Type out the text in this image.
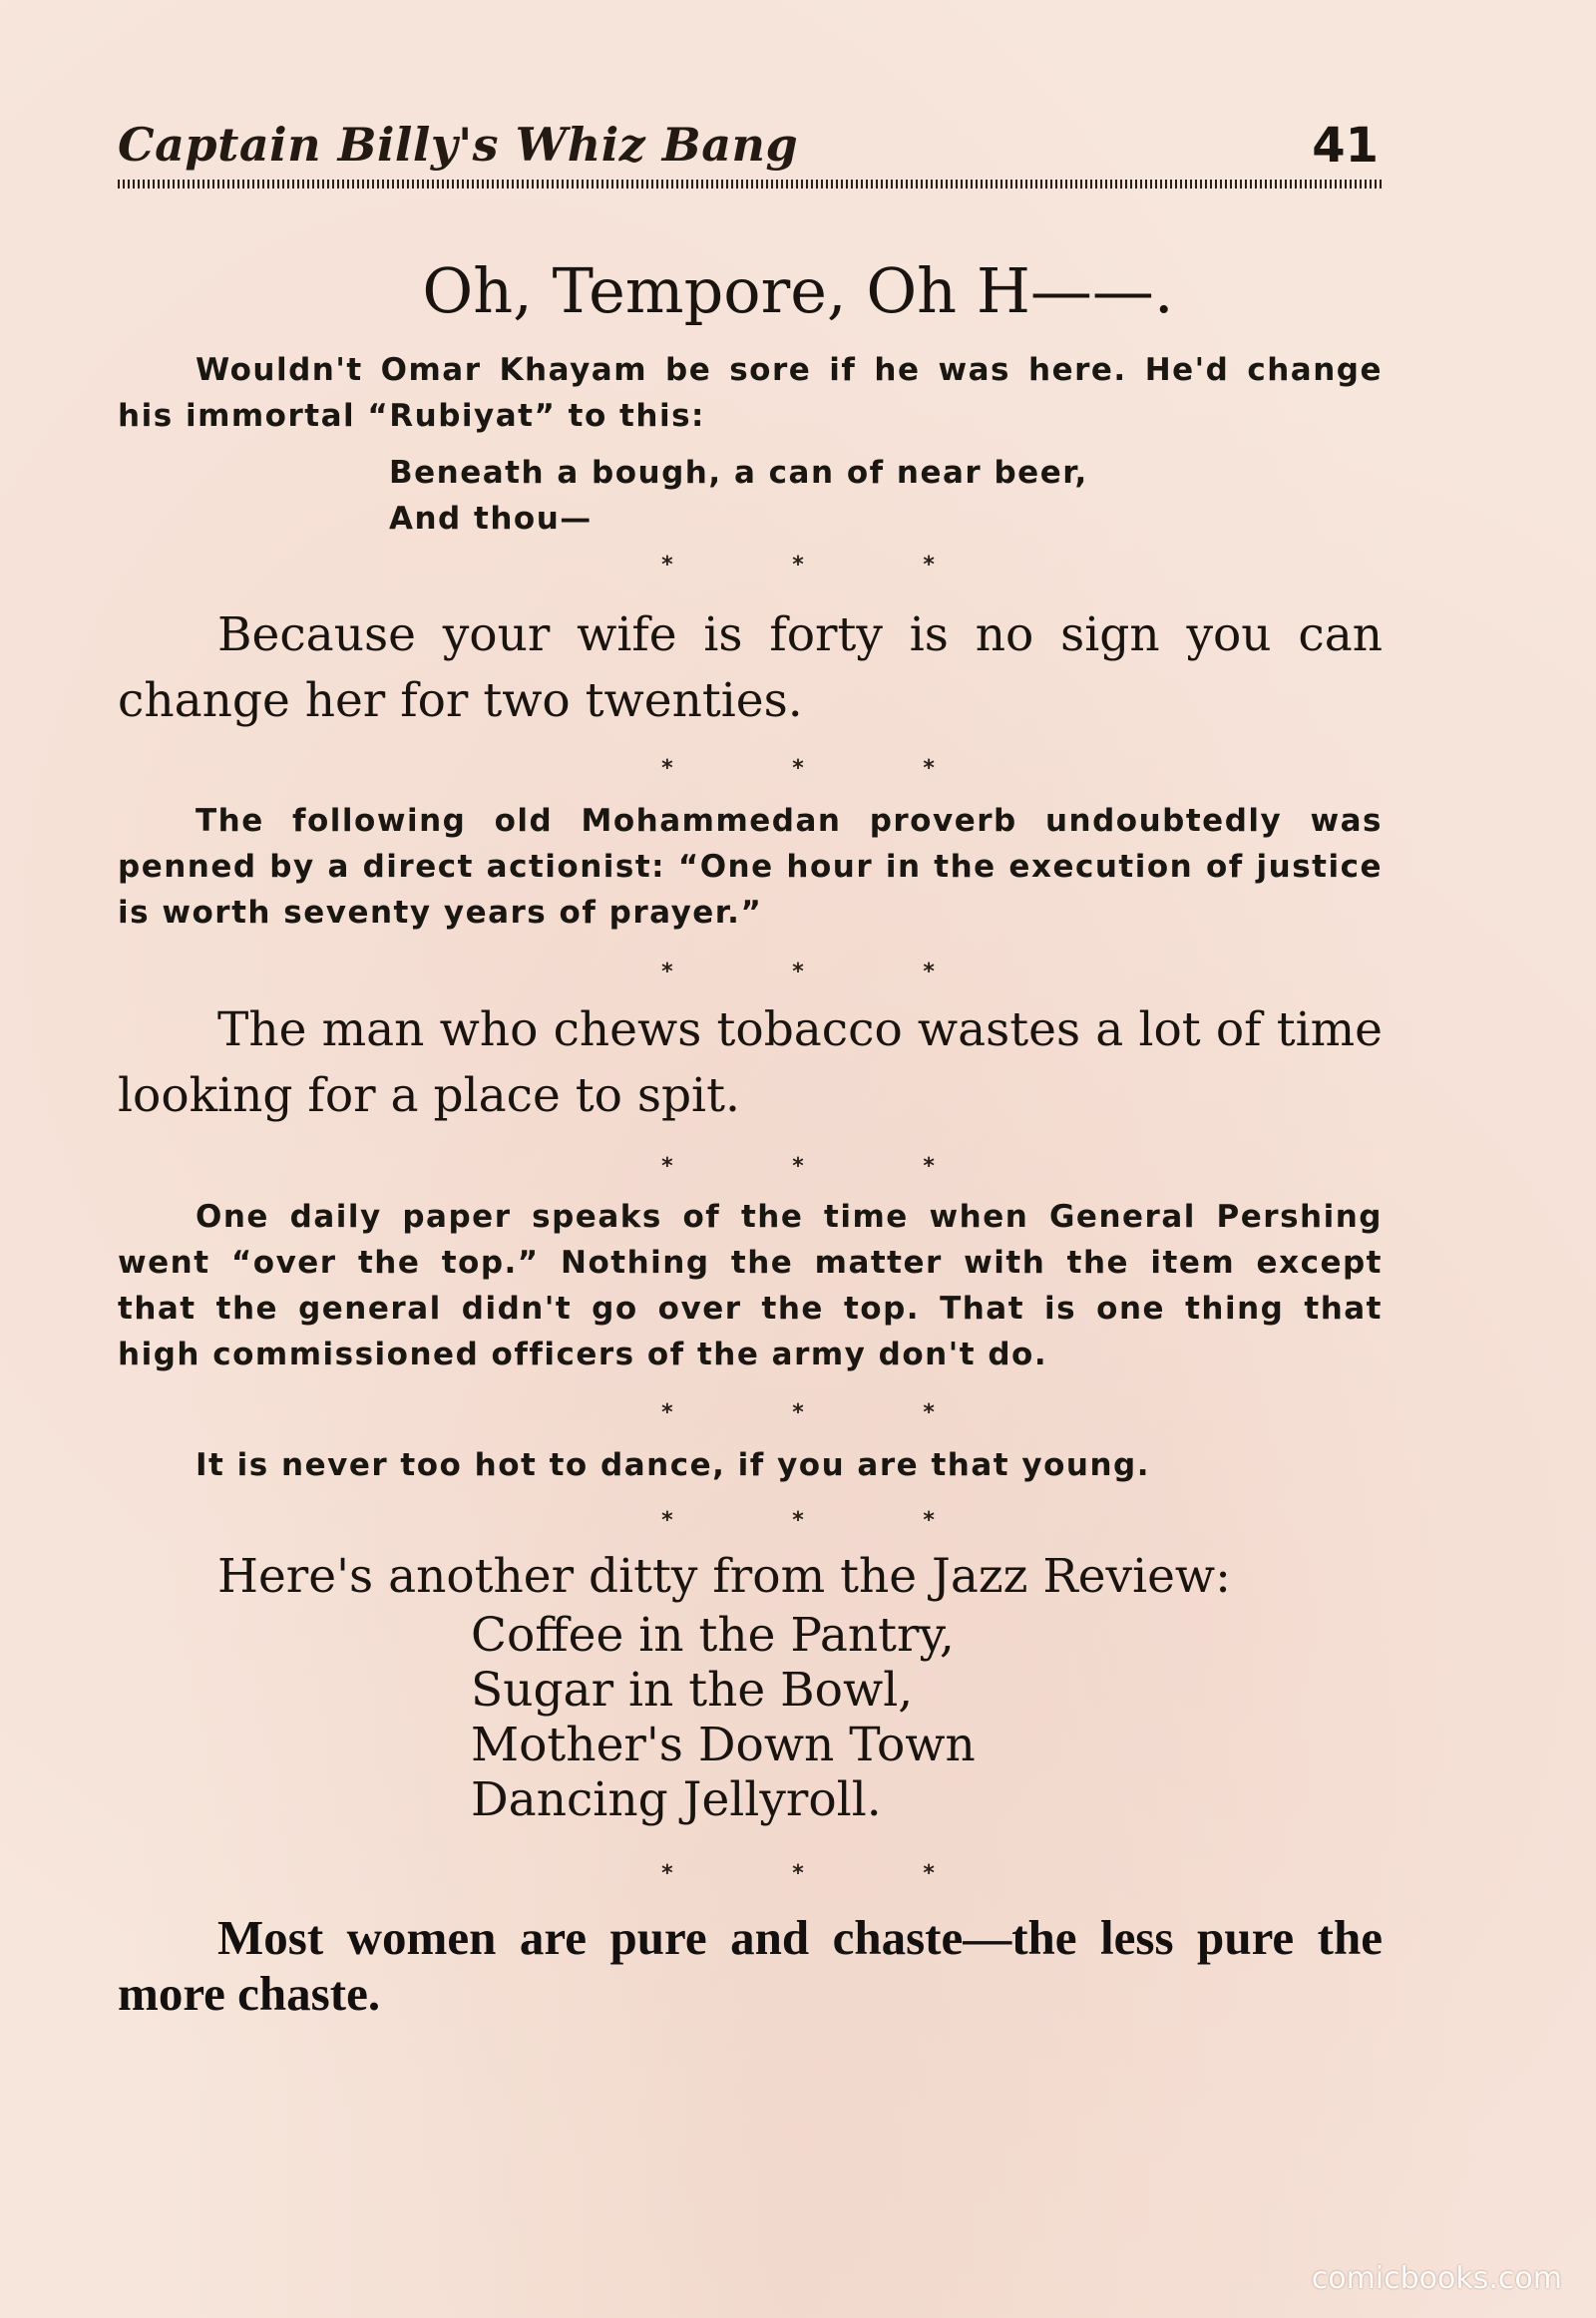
Captain Billy's Whiz Bang	41
Oh, Tempore, Oh H——.
Wouldn't Omar Khayam be sore if he was here. He'd change
his immortal “Rubiyat” to this:
Beneath a bough, a can of near beer,
And thou—
* * *

Because your wife is forty is no sign you can change her for two twenties.

* * *

The following old Mohammedan proverb undoubtedly was penned by a direct actionist: “One hour in the execution of justice is worth seventy years of prayer.”

* * *

The man who chews tobacco wastes a lot of time looking for a place to spit.

* * *

One daily paper speaks of the time when General Pershing went “over the top.” Nothing the matter with the item except that the general didn't go over the top. That is one thing that high commissioned officers of the army don't do.

* * *

It is never too hot to dance, if you are that young.

* * *

Here's another ditty from the Jazz Review:

Coffee in the Pantry,
Sugar in the Bowl,
Mother's Down Town
Dancing Jellyroll.
* * *

Most women are pure and chaste—the less pure the more chaste.

comicbooks.com
